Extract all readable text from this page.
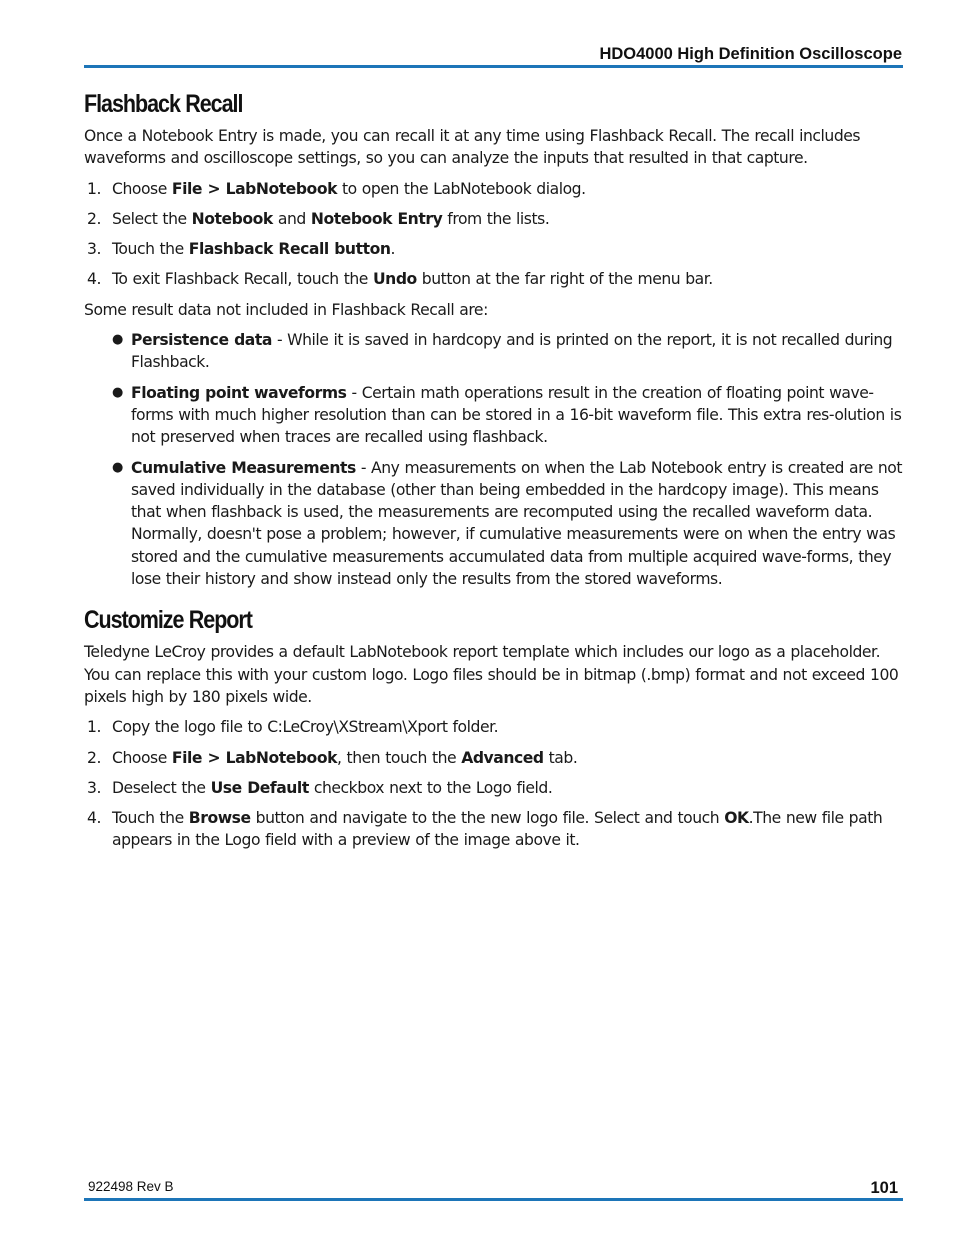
HDO4000 High Definition Oscilloscope
Flashback Recall

Once a Notebook Entry is made, you can recall it at any time using Flashback Recall. The recall includes waveforms and oscilloscope settings, so you can analyze the inputs that resulted in that capture.

1. Choose File > LabNotebook to open the LabNotebook dialog.
2. Select the Notebook and Notebook Entry from the lists.
3. Touch the Flashback Recall button.
4. To exit Flashback Recall, touch the Undo button at the far right of the menu bar.

Some result data not included in Flashback Recall are:

● Persistence data - While it is saved in hardcopy and is printed on the report, it is not recalled during Flashback.
● Floating point waveforms - Certain math operations result in the creation of floating point wave-forms with much higher resolution than can be stored in a 16-bit waveform file. This extra res-olution is not preserved when traces are recalled using flashback.
● Cumulative Measurements - Any measurements on when the Lab Notebook entry is created are not saved individually in the database (other than being embedded in the hardcopy image). This means that when flashback is used, the measurements are recomputed using the recalled waveform data. Normally, doesn't pose a problem; however, if cumulative measurements were on when the entry was stored and the cumulative measurements accumulated data from multiple acquired wave-forms, they lose their history and show instead only the results from the stored waveforms.
Customize Report

Teledyne LeCroy provides a default LabNotebook report template which includes our logo as a placeholder. You can replace this with your custom logo. Logo files should be in bitmap (.bmp) format and not exceed 100 pixels high by 180 pixels wide.

1. Copy the logo file to C:LeCroy\XStream\Xport folder.
2. Choose File > LabNotebook, then touch the Advanced tab.
3. Deselect the Use Default checkbox next to the Logo field.
4. Touch the Browse button and navigate to the the new logo file. Select and touch OK.The new file path appears in the Logo field with a preview of the image above it.
922498 Rev B	101
